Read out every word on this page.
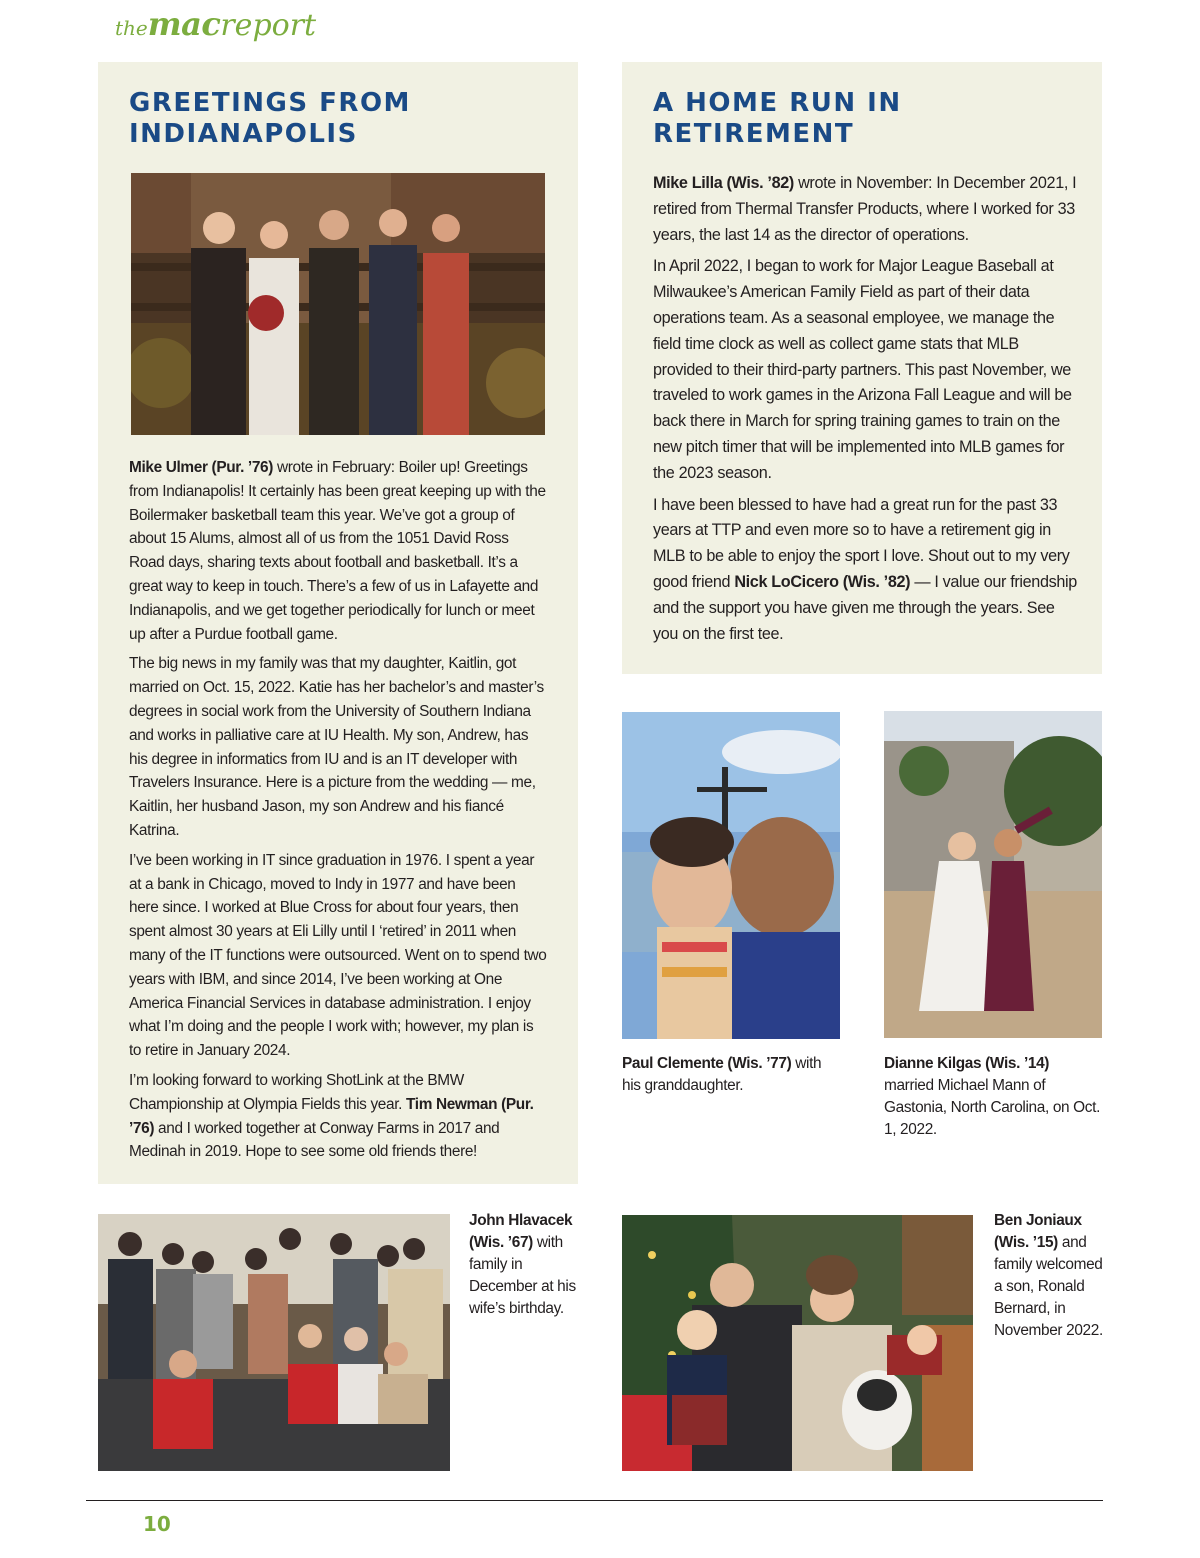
themacreport
GREETINGS FROM
INDIANAPOLIS

Mike Ulmer (Pur. ’76) wrote in February: Boiler up! Greetings from Indianapolis! It certainly has been great keeping up with the Boilermaker basketball team this year. We’ve got a group of about 15 Alums, almost all of us from the 1051 David Ross Road days, sharing texts about football and basketball. It’s a great way to keep in touch. There’s a few of us in Lafayette and Indianapolis, and we get together periodically for lunch or meet up after a Purdue football game.

The big news in my family was that my daughter, Kaitlin, got married on Oct. 15, 2022. Katie has her bachelor’s and master’s degrees in social work from the University of Southern Indiana and works in palliative care at IU Health. My son, Andrew, has his degree in informatics from IU and is an IT developer with Travelers Insurance. Here is a picture from the wedding — me, Kaitlin, her husband Jason, my son Andrew and his fiancé Katrina.

I’ve been working in IT since graduation in 1976. I spent a year at a bank in Chicago, moved to Indy in 1977 and have been here since. I worked at Blue Cross for about four years, then spent almost 30 years at Eli Lilly until I ‘retired’ in 2011 when many of the IT functions were outsourced. Went on to spend two years with IBM, and since 2014, I’ve been working at One America Financial Services in database administration. I enjoy what I’m doing and the people I work with; however, my plan is to retire in January 2024.

I’m looking forward to working ShotLink at the BMW Championship at Olympia Fields this year. Tim Newman (Pur. ’76) and I worked together at Conway Farms in 2017 and Medinah in 2019. Hope to see some old friends there!

A HOME RUN IN
RETIREMENT

Mike Lilla (Wis. ’82) wrote in November: In December 2021, I retired from Thermal Transfer Products, where I worked for 33 years, the last 14 as the director of operations.

In April 2022, I began to work for Major League Baseball at Milwaukee’s American Family Field as part of their data operations team. As a seasonal employee, we manage the field time clock as well as collect game stats that MLB provided to their third-party partners. This past November, we traveled to work games in the Arizona Fall League and will be back there in March for spring training games to train on the new pitch timer that will be implemented into MLB games for the 2023 season.

I have been blessed to have had a great run for the past 33 years at TTP and even more so to have a retirement gig in MLB to be able to enjoy the sport I love. Shout out to my very good friend Nick LoCicero (Wis. ’82) — I value our friendship and the support you have given me through the years. See you on the first tee.

Paul Clemente (Wis. ’77) with his granddaughter.
Dianne Kilgas (Wis. ’14) married Michael Mann of Gastonia, North Carolina, on Oct. 1, 2022.
John Hlavacek (Wis. ’67) with family in December at his wife’s birthday.
Ben Joniaux (Wis. ’15) and family welcomed a son, Ronald Bernard, in November 2022.
10
